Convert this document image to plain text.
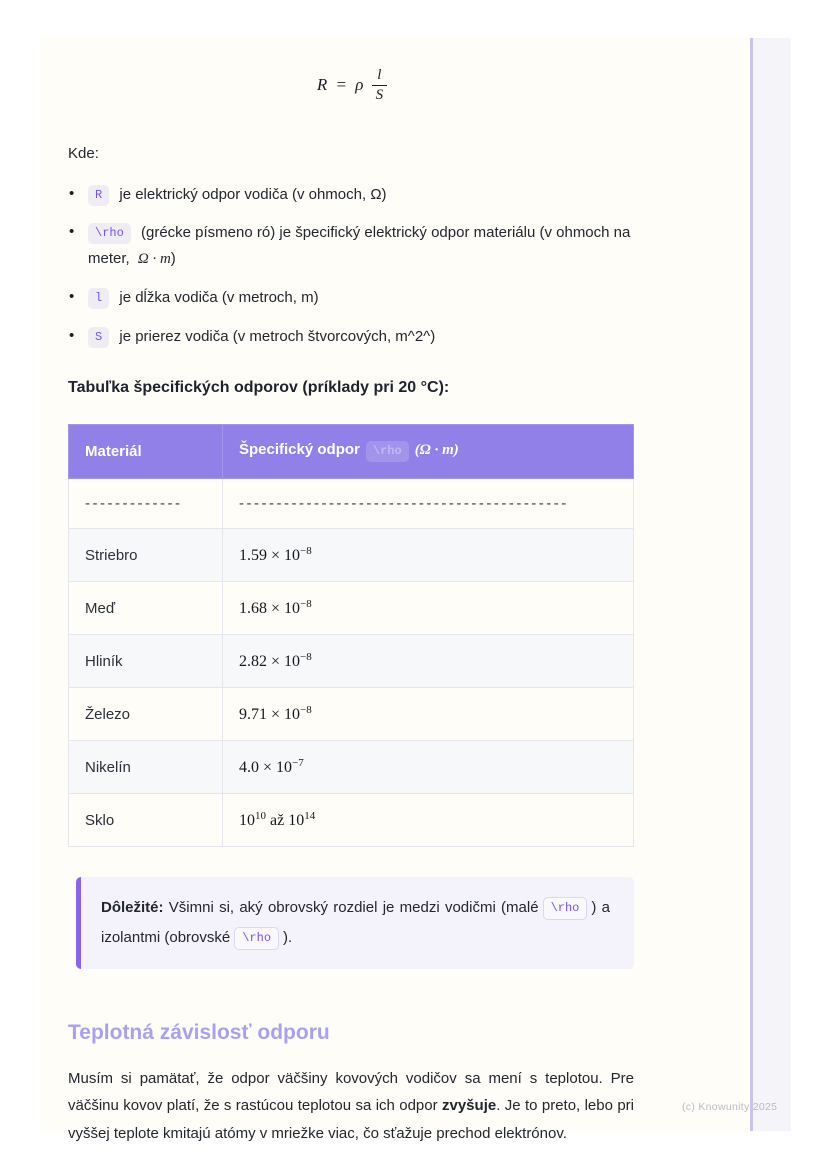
R = ρ $\frac{l}{S}$

Kde:

• R je elektrický odpor vodiča (v ohmoch, Ω)
• \rho (grécke písmeno ró) je špecifický elektrický odpor materiálu (v ohmoch na meter, Ω · m)
• l je dĺžka vodiča (v metroch, m)
• S je prierez vodiča (v metroch štvorcových, m^2^)

Tabuľka špecifických odporov (príklady pri 20 °C):

Materiál	Špecifický odpor \rho (Ω · m)
-------------	--------------------------------------------
Striebro	$1.59 \times 10^{-8}$
Meď	$1.68 \times 10^{-8}$
Hliník	$2.82 \times 10^{-8}$
Železo	$9.71 \times 10^{-8}$
Nikelín	$4.0 \times 10^{-7}$
Sklo	$10^{10}$ až $10^{14}$
Dôležité: Všimni si, aký obrovský rozdiel je medzi vodičmi (malé \rho ) a izolantmi (obrovské \rho ).
Teplotná závislosť odporu

Musím si pamätať, že odpor väčšiny kovových vodičov sa mení s teplotou. Pre väčšinu kovov platí, že s rastúcou teplotou sa ich odpor zvyšuje. Je to preto, lebo pri vyššej teplote kmitajú atómy v mriežke viac, čo sťažuje prechod elektrónov.

(c) Knowunity 2025
